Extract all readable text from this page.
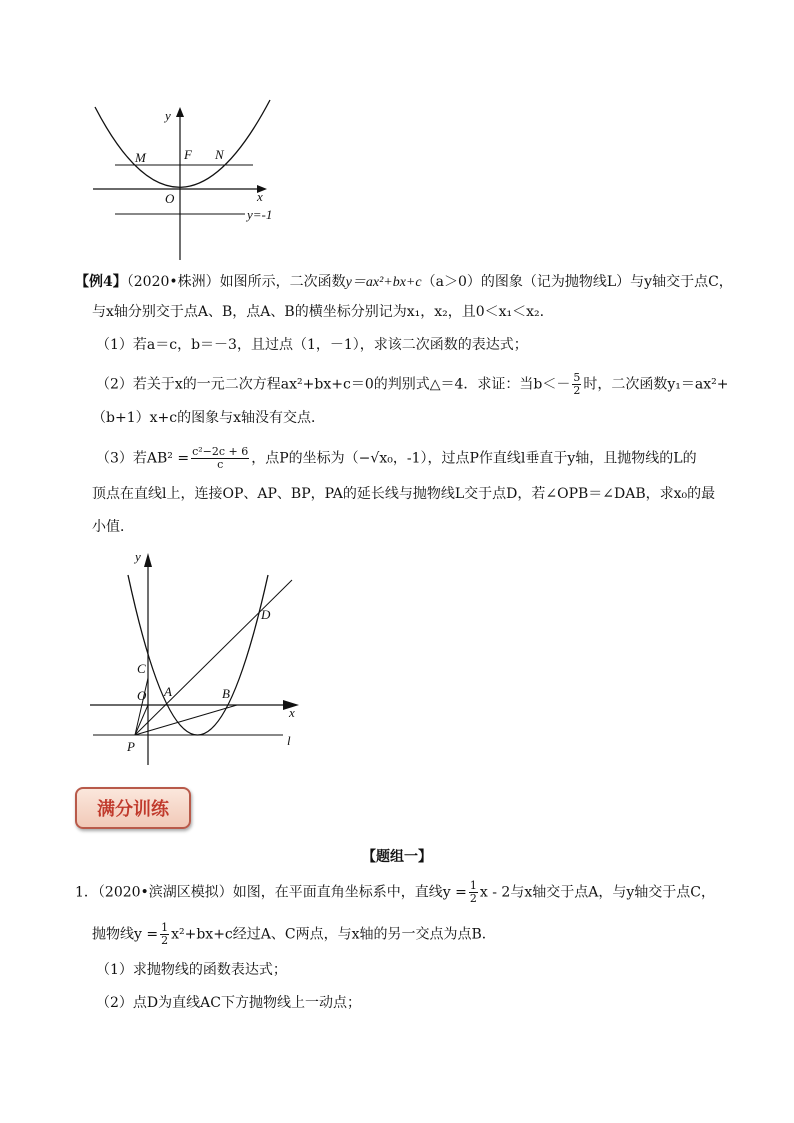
y
x
F N
M
O
y=-1
【例4】（2020•株洲）如图所示，二次函数y＝ax²+bx+c（a＞0）的图象（记为抛物线L）与y轴交于点C，
与x轴分别交于点A、B，点A、B的横坐标分别记为x₁，x₂，且0＜x₁＜x₂.
（1）若a＝c，b＝－3，且过点（1，－1），求该二次函数的表达式；
（2）若关于x的一元二次方程ax²+bx+c＝0的判别式△＝4．求证：当$b<- \frac{5}{2}$ 时，二次函数y₁＝ax²+
（b+1）x+c的图象与x轴没有交点．
（3）若$AB^2 = \frac{\text{c²−2c + 6}}{c}$ ，点P的坐标为（−√x₀，-1），过点P作直线l垂直于y轴，且抛物线的L的
顶点在直线l上，连接OP、AP、BP，PA的延长线与抛物线L交于点D，若∠OPB＝∠DAB，求x₀的最
小值．
y
x
D
C
O A	B
P	l
满分训练
【题组一】
1．（2020•滨湖区模拟）如图，在平面直角坐标系中，直线$y = \frac{1}{2}$ x - 2与x轴交于点A，与y轴交于点C，
抛物线$y = \frac{1}{2} x^2+bx+c$经过A、C两点，与x轴的另一交点为点B．
（1）求抛物线的函数表达式；
（2）点D为直线AC下方抛物线上一动点；
